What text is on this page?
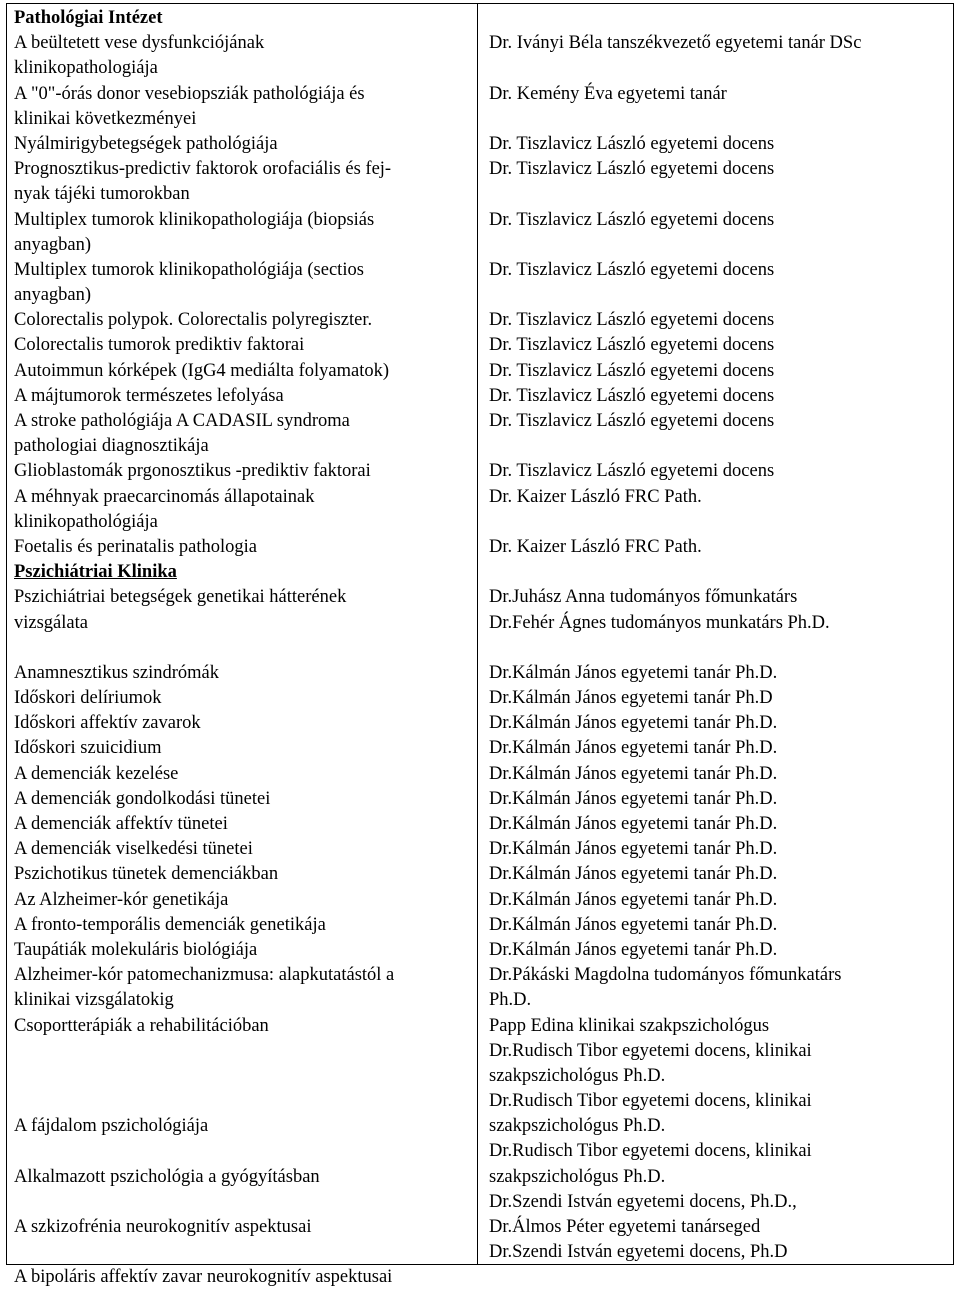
Pathológiai Intézet
A beültetett vese dysfunkciójának
klinikopathologiája
A "0"-órás donor vesebiopsziák pathológiája és
klinikai következményei
Nyálmirigybetegségek pathológiája
Prognosztikus-predictiv faktorok orofaciális és fej-
nyak tájéki tumorokban
Multiplex tumorok klinikopathologiája (biopsiás
anyagban)
Multiplex tumorok klinikopathológiája (sectios
anyagban)
Colorectalis polypok. Colorectalis polyregiszter.
Colorectalis tumorok prediktiv faktorai
Autoimmun kórképek (IgG4 mediálta folyamatok)
A májtumorok természetes lefolyása
A stroke pathológiája A CADASIL syndroma
pathologiai diagnosztikája
Glioblastomák prgonosztikus -prediktiv faktorai
A méhnyak praecarcinomás állapotainak
klinikopathológiája
Foetalis és perinatalis pathologia
Pszichiátriai Klinika
Pszichiátriai betegségek genetikai hátterének
vizsgálata
Anamnesztikus szindrómák
Időskori delíriumok
Időskori affektív zavarok
Időskori szuicidium
A demenciák kezelése
A demenciák gondolkodási tünetei
A demenciák affektív tünetei
A demenciák viselkedési tünetei
Pszichotikus tünetek demenciákban
Az Alzheimer-kór genetikája
A fronto-temporális demenciák genetikája
Taupátiák molekuláris biológiája
Alzheimer-kór patomechanizmusa: alapkutatástól a
klinikai vizsgálatokig
Csoportterápiák a rehabilitációban
A fájdalom pszichológiája
Alkalmazott pszichológia a gyógyításban
A szkizofrénia neurokognitív aspektusai
A bipoláris affektív zavar neurokognitív aspektusai
Dr. Iványi Béla tanszékvezető egyetemi tanár DSc
Dr. Kemény Éva egyetemi tanár
Dr. Tiszlavicz László egyetemi docens
Dr. Tiszlavicz László egyetemi docens
Dr. Tiszlavicz László egyetemi docens
Dr. Tiszlavicz László egyetemi docens
Dr. Tiszlavicz László egyetemi docens
Dr. Tiszlavicz László egyetemi docens
Dr. Tiszlavicz László egyetemi docens
Dr. Tiszlavicz László egyetemi docens
Dr. Tiszlavicz László egyetemi docens
Dr. Tiszlavicz László egyetemi docens
Dr. Kaizer László FRC Path.
Dr. Kaizer László FRC Path.
Dr.Juhász Anna tudományos főmunkatárs
Dr.Fehér Ágnes tudományos munkatárs Ph.D.
Dr.Kálmán János egyetemi tanár Ph.D.
Dr.Kálmán János egyetemi tanár Ph.D
Dr.Kálmán János egyetemi tanár Ph.D.
Dr.Kálmán János egyetemi tanár Ph.D.
Dr.Kálmán János egyetemi tanár Ph.D.
Dr.Kálmán János egyetemi tanár Ph.D.
Dr.Kálmán János egyetemi tanár Ph.D.
Dr.Kálmán János egyetemi tanár Ph.D.
Dr.Kálmán János egyetemi tanár Ph.D.
Dr.Kálmán János egyetemi tanár Ph.D.
Dr.Kálmán János egyetemi tanár Ph.D.
Dr.Kálmán János egyetemi tanár Ph.D.
Dr.Pákáski Magdolna tudományos főmunkatárs
Ph.D.
Papp Edina klinikai szakpszichológus
Dr.Rudisch Tibor egyetemi docens, klinikai
szakpszichológus Ph.D.
Dr.Rudisch Tibor egyetemi docens, klinikai
szakpszichológus Ph.D.
Dr.Rudisch Tibor egyetemi docens, klinikai
szakpszichológus Ph.D.
Dr.Szendi István egyetemi docens, Ph.D.,
Dr.Álmos Péter egyetemi tanárseged
Dr.Szendi István egyetemi docens, Ph.D
